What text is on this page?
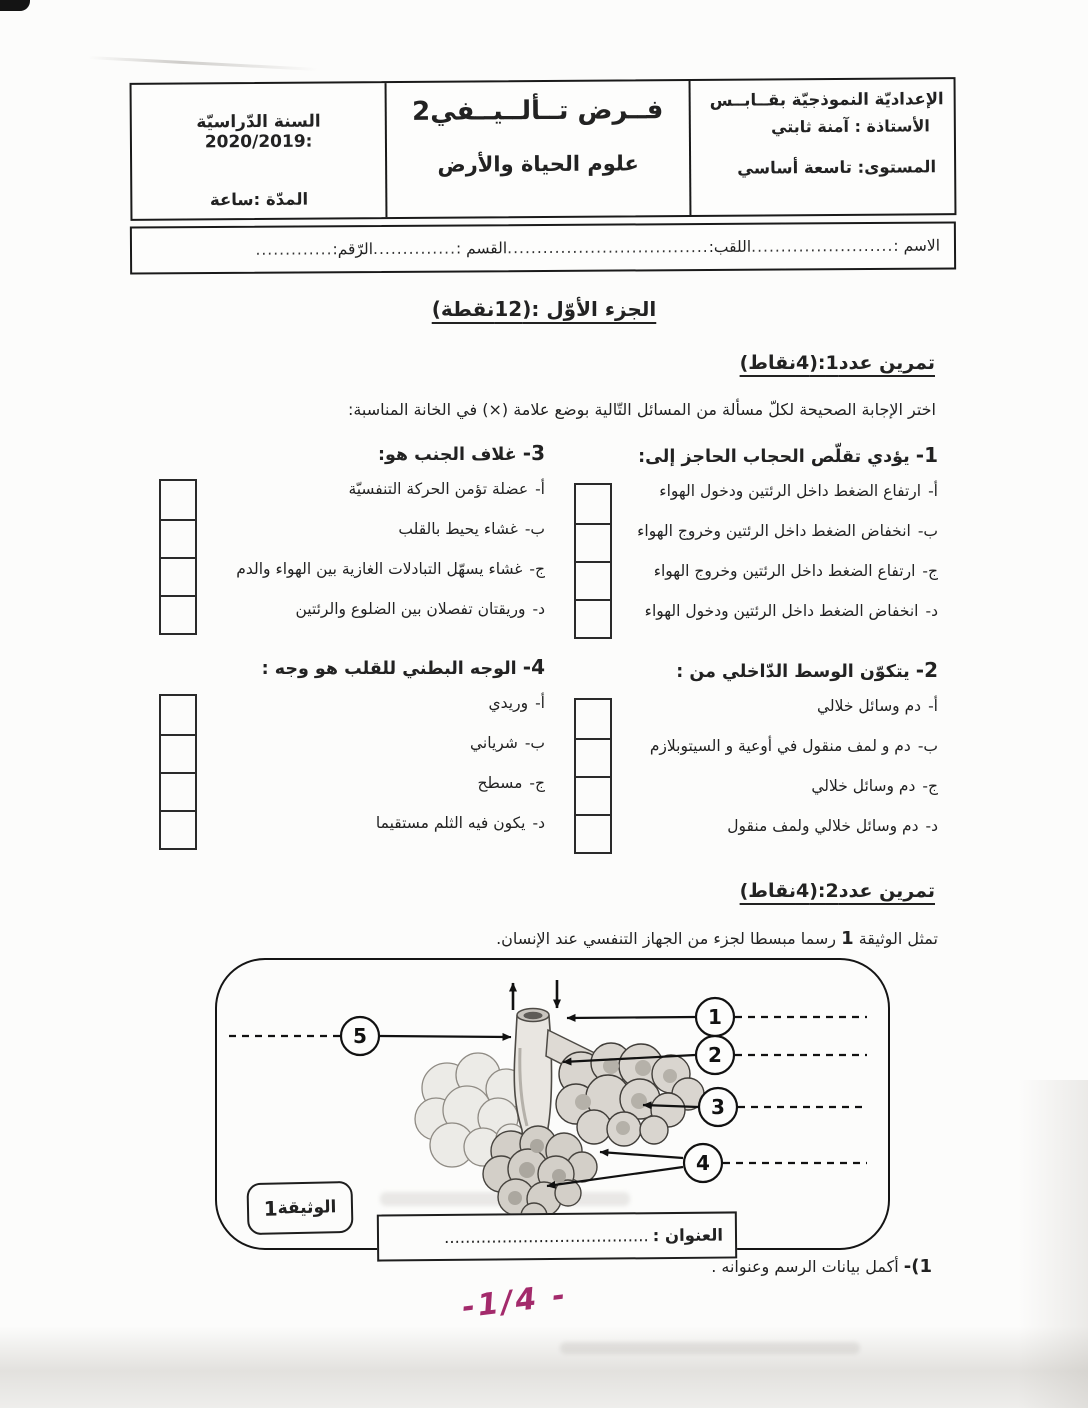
الإعداديّة النموذجيّة بقــابــس
الأستاذة : آمنة ثابتي
المستوى: تاسعة أساسي
فــرض تــألــيــفي2
علوم الحياة والأرض
السنة الدّراسيّة :2020/2019
المدّة :ساعة
الاسم :
........................
اللقب:
..................................
القسم :
..............
الرّقم:
.............
الجزء الأوّل :(12نقطة)
تمرين عدد1:(4نقاط)
اختر الإجابة الصحيحة لكلّ مسألة من المسائل التّالية بوضع علامة (×) في الخانة المناسبة:
1- يؤدي تقلّص الحجاب الحاجز إلى:
أ-ارتفاع الضغط داخل الرئتين ودخول الهواء
ب-انخفاض الضغط داخل الرئتين وخروج الهواء
ج-ارتفاع الضغط داخل الرئتين وخروج الهواء
د-انخفاض الضغط داخل الرئتين ودخول الهواء
2- يتكوّن الوسط الدّاخلي من :
أ-دم وسائل خلالي
ب-دم و لمف منقول في أوعية و السيتوبلازم
ج-دم وسائل خلالي
د-دم وسائل خلالي ولمف منقول
3- غلاف الجنب هو:
أ-عضلة تؤمن الحركة التنفسيّة
ب-غشاء يحيط بالقلب
ج-غشاء يسهّل التبادلات الغازية بين الهواء والدم
د-وريقتان تفصلان بين الضلوع والرئتين
4- الوجه البطني للقلب هو وجه :
أ-وريدي
ب-شرياني
ج-مسطح
د-يكون فيه الثلم مستقيما
تمرين عدد2:(4نقاط)
تمثل الوثيقة 1 رسما مبسطا لجزء من الجهاز التنفسي عند الإنسان.
1
2
3
4
5
الوثيقة
1
العنوان :
.......................................
1)- أكمل بيانات الرسم وعنوانه .
-1/4 -
